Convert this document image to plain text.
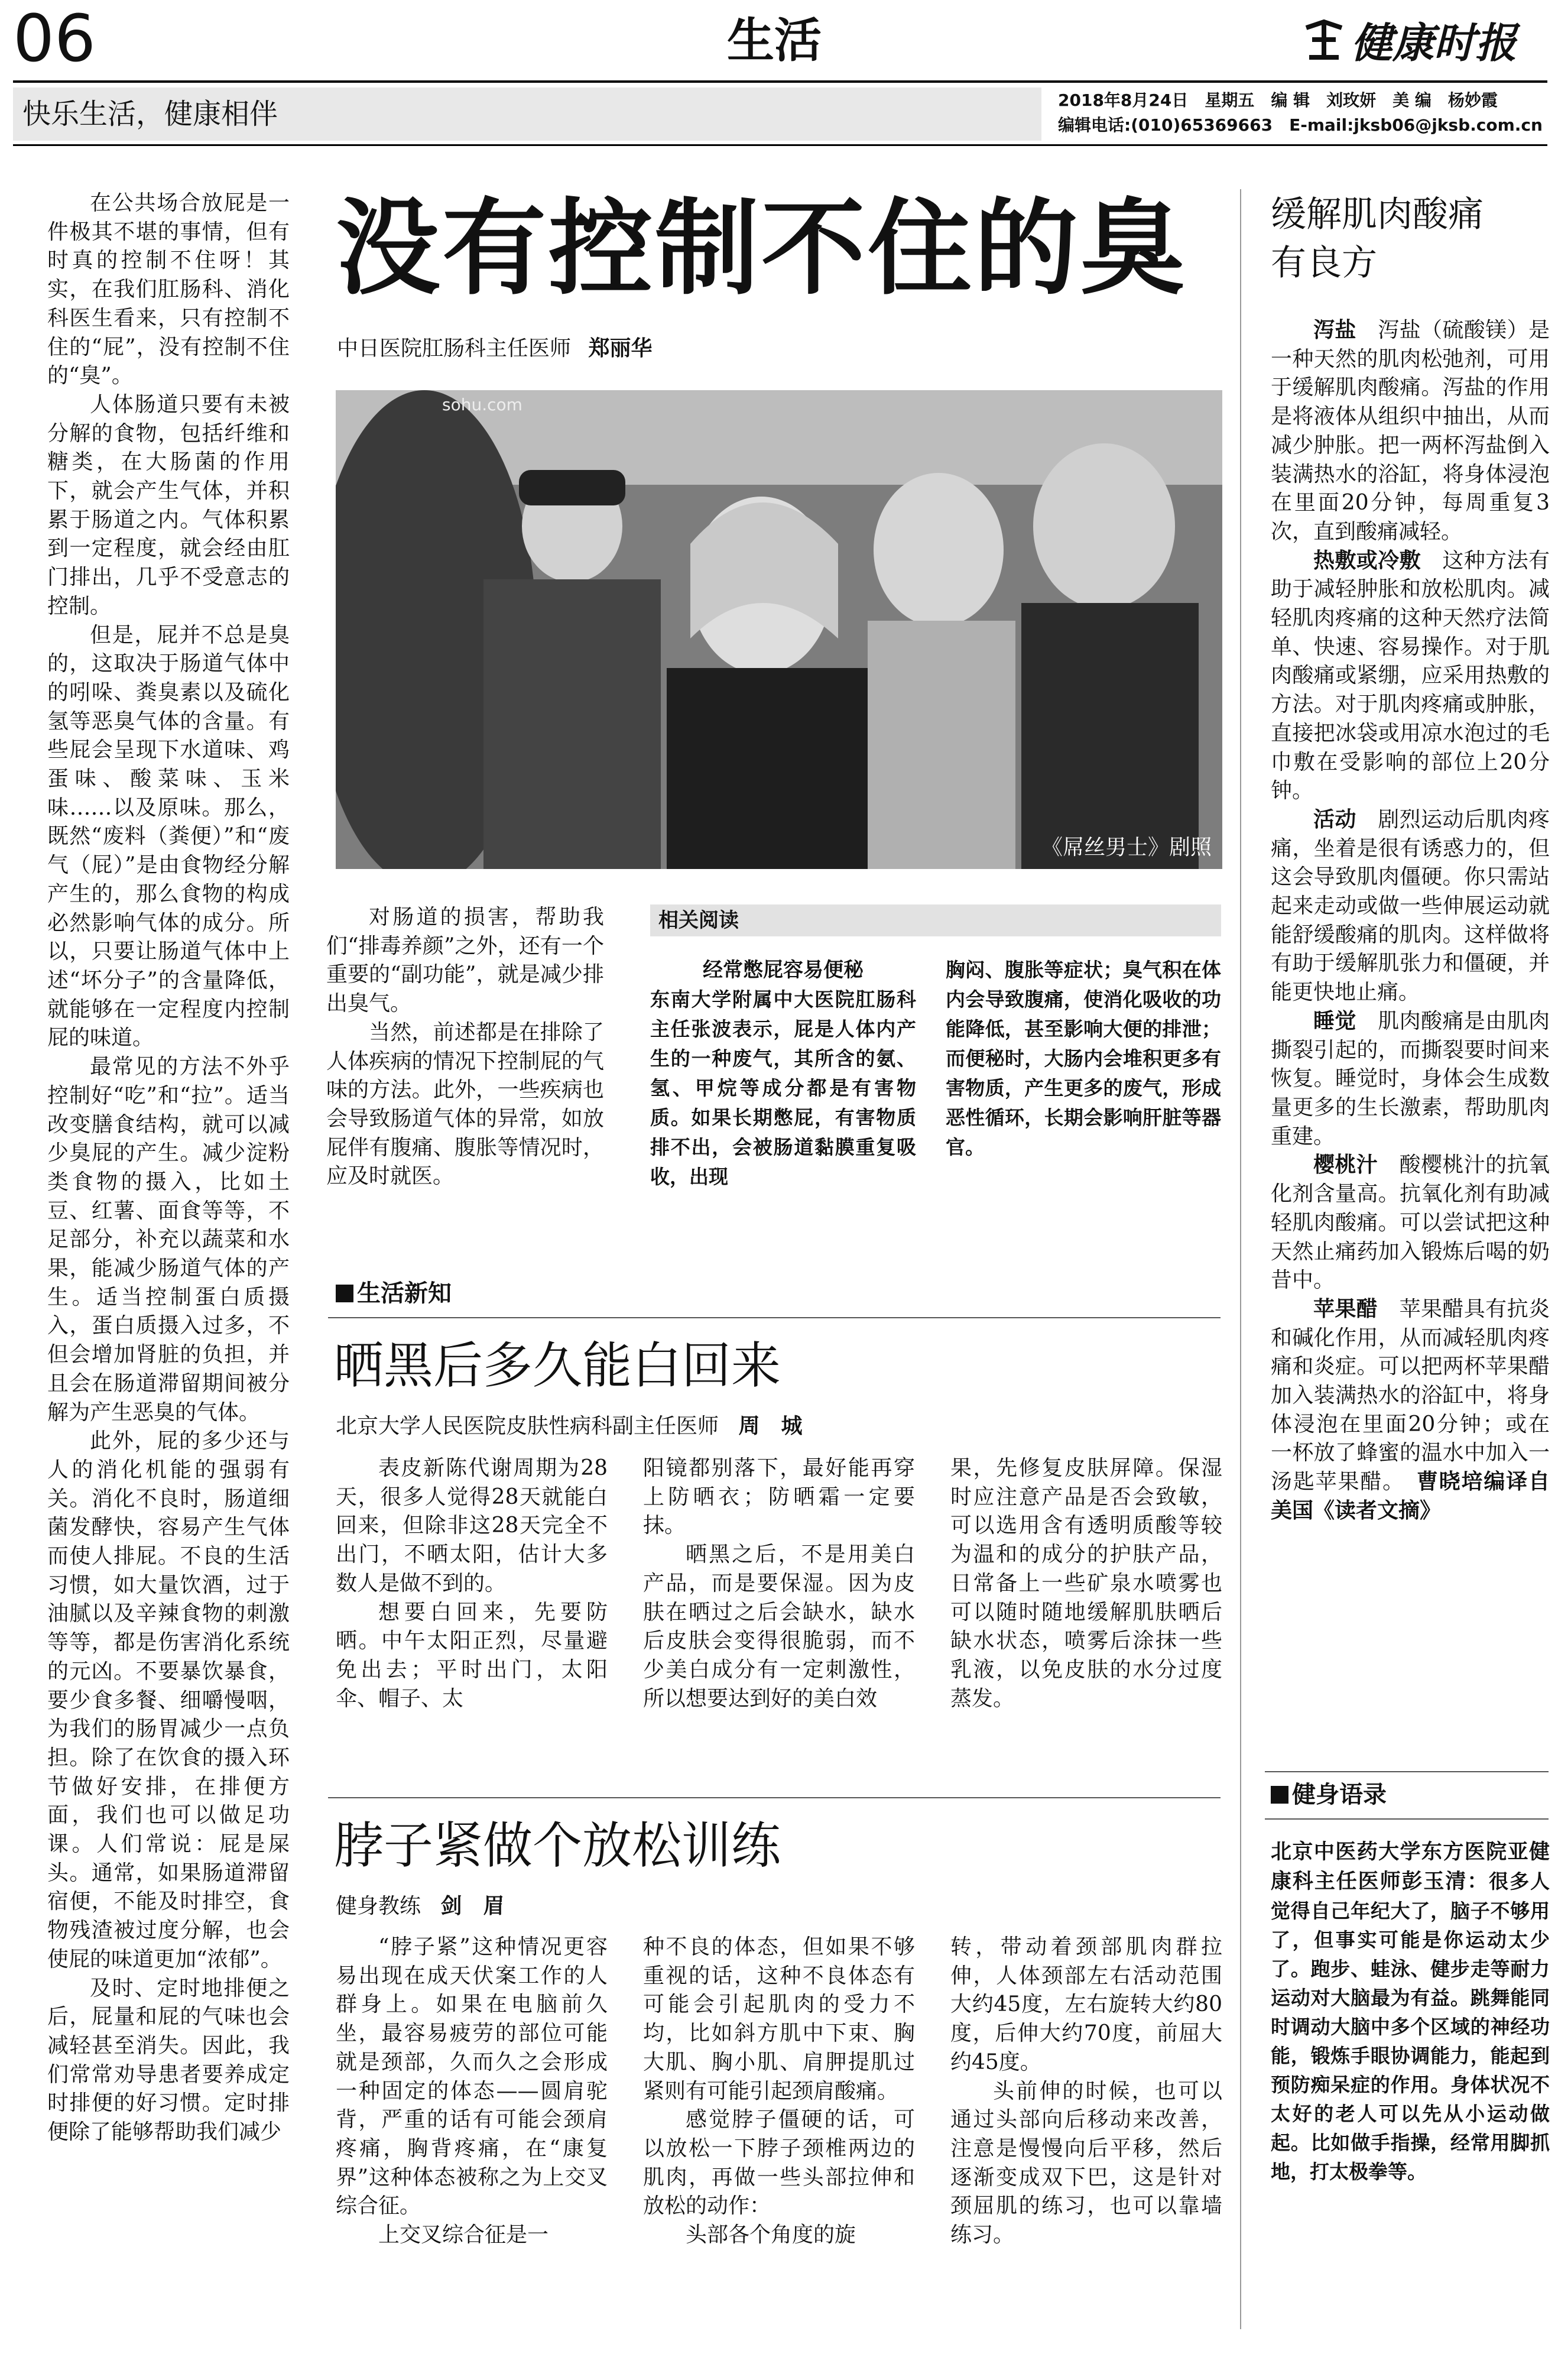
06	生活	健康时报
快乐生活，健康相伴	2018年8月24日　星期五　编 辑　刘玫妍　美 编　杨妙霞
编辑电话:(010)65369663　E-mail:jksb06@jksb.com.cn

在公共场合放屁是一件极其不堪的事情，但有时真的控制不住呀！其实，在我们肛肠科、消化科医生看来，只有控制不住的“屁”，没有控制不住的“臭”。

人体肠道只要有未被分解的食物，包括纤维和糖类，在大肠菌的作用下，就会产生气体，并积累于肠道之内。气体积累到一定程度，就会经由肛门排出，几乎不受意志的控制。

但是，屁并不总是臭的，这取决于肠道气体中的吲哚、粪臭素以及硫化氢等恶臭气体的含量。有些屁会呈现下水道味、鸡蛋味、酸菜味、玉米味……以及原味。那么，既然“废料（粪便）”和“废气（屁）”是由食物经分解产生的，那么食物的构成必然影响气体的成分。所以，只要让肠道气体中上述“坏分子”的含量降低，就能够在一定程度内控制屁的味道。

最常见的方法不外乎控制好“吃”和“拉”。适当改变膳食结构，就可以减少臭屁的产生。减少淀粉类食物的摄入，比如土豆、红薯、面食等等，不足部分，补充以蔬菜和水果，能减少肠道气体的产生。适当控制蛋白质摄入，蛋白质摄入过多，不但会增加肾脏的负担，并且会在肠道滞留期间被分解为产生恶臭的气体。

此外，屁的多少还与人的消化机能的强弱有关。消化不良时，肠道细菌发酵快，容易产生气体而使人排屁。不良的生活习惯，如大量饮酒，过于油腻以及辛辣食物的刺激等等，都是伤害消化系统的元凶。不要暴饮暴食，要少食多餐、细嚼慢咽，为我们的肠胃减少一点负担。除了在饮食的摄入环节做好安排，在排便方面，我们也可以做足功课。人们常说：屁是屎头。通常，如果肠道滞留宿便，不能及时排空，食物残渣被过度分解，也会使屁的味道更加“浓郁”。

及时、定时地排便之后，屁量和屁的气味也会减轻甚至消失。因此，我们常常劝导患者要养成定时排便的好习惯。定时排便除了能够帮助我们减少

没有控制不住的臭
中日医院肛肠科主任医师 郑丽华
sohu.com
《屌丝男士》剧照

对肠道的损害，帮助我们“排毒养颜”之外，还有一个重要的“副功能”，就是减少排出臭气。

当然，前述都是在排除了人体疾病的情况下控制屁的气味的方法。此外，一些疾病也会导致肠道气体的异常，如放屁伴有腹痛、腹胀等情况时，应及时就医。

相关阅读
经常憋屁容易便秘
东南大学附属中大医院肛肠科主任张波表示，屁是人体内产生的一种废气，其所含的氨、氢、甲烷等成分都是有害物质。如果长期憋屁，有害物质排不出，会被肠道黏膜重复吸收，出现
胸闷、腹胀等症状；臭气积在体内会导致腹痛，使消化吸收的功能降低，甚至影响大便的排泄；而便秘时，大肠内会堆积更多有害物质，产生更多的废气，形成恶性循环，长期会影响肝脏等器官。
生活新知
晒黑后多久能白回来
北京大学人民医院皮肤性病科副主任医师 周　城

表皮新陈代谢周期为28天，很多人觉得28天就能白回来，但除非这28天完全不出门，不晒太阳，估计大多数人是做不到的。

想要白回来，先要防晒。中午太阳正烈，尽量避免出去；平时出门，太阳伞、帽子、太

阳镜都别落下，最好能再穿上防晒衣；防晒霜一定要抹。

晒黑之后，不是用美白产品，而是要保湿。因为皮肤在晒过之后会缺水，缺水后皮肤会变得很脆弱，而不少美白成分有一定刺激性，所以想要达到好的美白效

果，先修复皮肤屏障。保湿时应注意产品是否会致敏，可以选用含有透明质酸等较为温和的成分的护肤产品，日常备上一些矿泉水喷雾也可以随时随地缓解肌肤晒后缺水状态，喷雾后涂抹一些乳液，以免皮肤的水分过度蒸发。

脖子紧做个放松训练
健身教练 剑　眉

“脖子紧”这种情况更容易出现在成天伏案工作的人群身上。如果在电脑前久坐，最容易疲劳的部位可能就是颈部，久而久之会形成一种固定的体态——圆肩驼背，严重的话有可能会颈肩疼痛，胸背疼痛，在“康复界”这种体态被称之为上交叉综合征。

上交叉综合征是一

种不良的体态，但如果不够重视的话，这种不良体态有可能会引起肌肉的受力不均，比如斜方肌中下束、胸大肌、胸小肌、肩胛提肌过紧则有可能引起颈肩酸痛。

感觉脖子僵硬的话，可以放松一下脖子颈椎两边的肌肉，再做一些头部拉伸和放松的动作：

头部各个角度的旋

转，带动着颈部肌肉群拉伸，人体颈部左右活动范围大约45度，左右旋转大约80度，后伸大约70度，前屈大约45度。

头前伸的时候，也可以通过头部向后移动来改善，注意是慢慢向后平移，然后逐渐变成双下巴，这是针对颈屈肌的练习，也可以靠墙练习。

缓解肌肉酸痛
有良方

泻盐　 泻盐（硫酸镁）是一种天然的肌肉松弛剂，可用于缓解肌肉酸痛。泻盐的作用是将液体从组织中抽出，从而减少肿胀。把一两杯泻盐倒入装满热水的浴缸，将身体浸泡在里面20分钟，每周重复3次，直到酸痛减轻。

热敷或冷敷　 这种方法有助于减轻肿胀和放松肌肉。减轻肌肉疼痛的这种天然疗法简单、快速、容易操作。对于肌肉酸痛或紧绷，应采用热敷的方法。对于肌肉疼痛或肿胀，直接把冰袋或用凉水泡过的毛巾敷在受影响的部位上20分钟。

活动　 剧烈运动后肌肉疼痛，坐着是很有诱惑力的，但这会导致肌肉僵硬。你只需站起来走动或做一些伸展运动就能舒缓酸痛的肌肉。这样做将有助于缓解肌张力和僵硬，并能更快地止痛。

睡觉　 肌肉酸痛是由肌肉撕裂引起的，而撕裂要时间来恢复。睡觉时，身体会生成数量更多的生长激素，帮助肌肉重建。

樱桃汁　 酸樱桃汁的抗氧化剂含量高。抗氧化剂有助减轻肌肉酸痛。可以尝试把这种天然止痛药加入锻炼后喝的奶昔中。

苹果醋　 苹果醋具有抗炎和碱化作用，从而减轻肌肉疼痛和炎症。可以把两杯苹果醋加入装满热水的浴缸中，将身体浸泡在里面20分钟；或在一杯放了蜂蜜的温水中加入一汤匙苹果醋。　 曹晓培编译自美国《读者文摘》

健身语录
北京中医药大学东方医院亚健康科主任医师彭玉清：很多人觉得自己年纪大了，脑子不够用了，但事实可能是你运动太少了。跑步、蛙泳、健步走等耐力运动对大脑最为有益。跳舞能同时调动大脑中多个区域的神经功能，锻炼手眼协调能力，能起到预防痴呆症的作用。身体状况不太好的老人可以先从小运动做起。比如做手指操，经常用脚抓地，打太极拳等。
